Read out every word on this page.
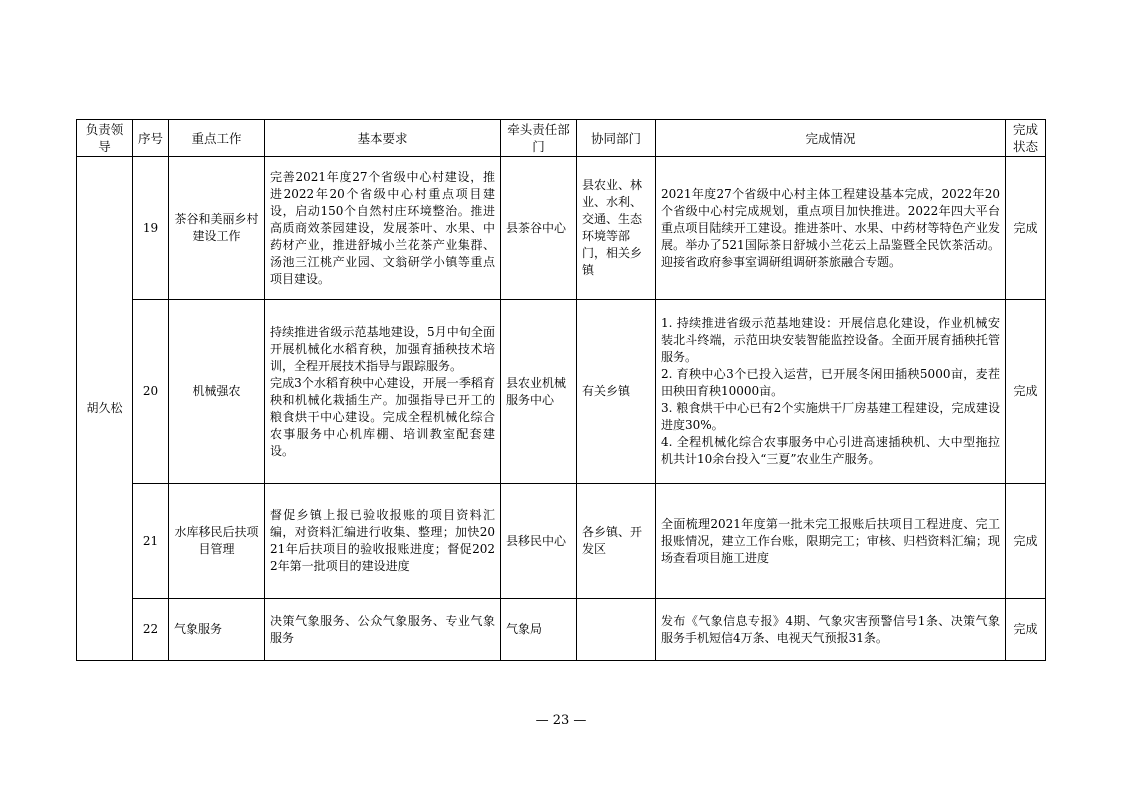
负责领导	序号	重点工作	基本要求	牵头责任部门	协同部门	完成情况	完成状态
胡久松	19	茶谷和美丽乡村建设工作	完善2021年度27个省级中心村建设，推进2022年20个省级中心村重点项目建设，启动150个自然村庄环境整治。推进高质商效茶园建设，发展茶叶、水果、中药材产业，推进舒城小兰花茶产业集群、汤池三江桃产业园、文翁研学小镇等重点项目建设。	县茶谷中心	县农业、林业、水利、交通、生态环境等部门，相关乡镇	2021年度27个省级中心村主体工程建设基本完成，2022年20个省级中心村完成规划，重点项目加快推进。2022年四大平台重点项目陆续开工建设。推进茶叶、水果、中药材等特色产业发展。举办了521国际茶日舒城小兰花云上品鉴暨全民饮茶活动。迎接省政府参事室调研组调研茶旅融合专题。	完成
	20	机械强农	持续推进省级示范基地建设，5月中旬全面开展机械化水稻育秧，加强育插秧技术培训，全程开展技术指导与跟踪服务。
完成3个水稻育秧中心建设，开展一季稻育秧和机械化栽插生产。加强指导已开工的粮食烘干中心建设。完成全程机械化综合农事服务中心机库棚、培训教室配套建设。	县农业机械服务中心	有关乡镇	1. 持续推进省级示范基地建设：开展信息化建设，作业机械安装北斗终端，示范田块安装智能监控设备。全面开展育插秧托管服务。
2. 育秧中心3个已投入运营，已开展冬闲田插秧5000亩，麦茬田秧田育秧10000亩。
3. 粮食烘干中心已有2个实施烘干厂房基建工程建设，完成建设进度30%。
4. 全程机械化综合农事服务中心引进高速插秧机、大中型拖拉机共计10余台投入“三夏”农业生产服务。	完成
	21	水库移民后扶项目管理	督促乡镇上报已验收报账的项目资料汇编，对资料汇编进行收集、整理；加快2021年后扶项目的验收报账进度；督促2022年第一批项目的建设进度	县移民中心	各乡镇、开发区	全面梳理2021年度第一批未完工报账后扶项目工程进度、完工报账情况，建立工作台账，限期完工；审核、归档资料汇编；现场查看项目施工进度	完成
	22	气象服务	决策气象服务、公众气象服务、专业气象服务	气象局		发布《气象信息专报》4期、气象灾害预警信号1条、决策气象服务手机短信4万条、电视天气预报31条。	完成
— 23 —
